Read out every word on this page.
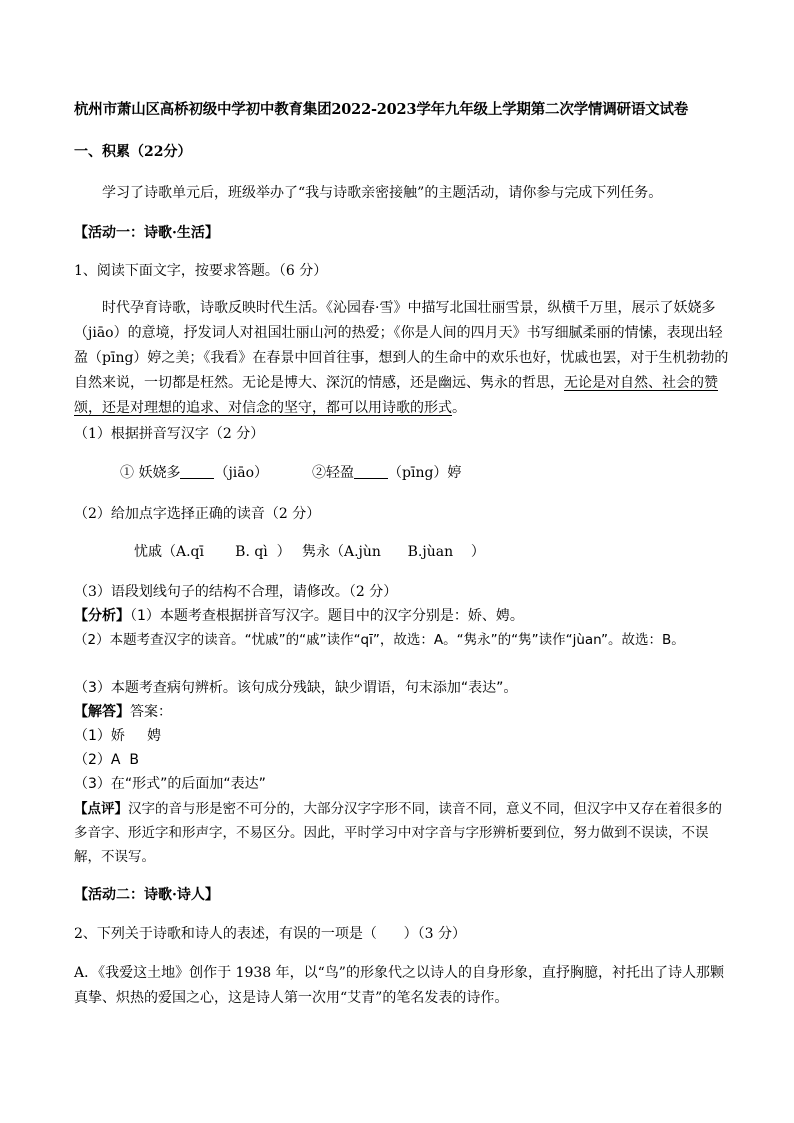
杭州市萧山区高桥初级中学初中教育集团2022-2023学年九年级上学期第二次学情调研语文试卷
一、积累（22分）
学习了诗歌单元后，班级举办了“我与诗歌亲密接触”的主题活动，请你参与完成下列任务。
【活动一：诗歌·生活】
1、阅读下面文字，按要求答题。（6 分）
时代孕育诗歌，诗歌反映时代生活。《沁园春·雪》中描写北国壮丽雪景，纵横千万里，展示了妖娆多（jiāo）的意境，抒发词人对祖国壮丽山河的热爱；《你是人间的四月天》书写细腻柔丽的情愫，表现出轻盈（pīng）婷之美；《我看》在春景中回首往事，想到人的生命中的欢乐也好，忧戚也罢，对于生机勃勃的自然来说，一切都是枉然。无论是博大、深沉的情感，还是幽远、隽永的哲思，无论是对自然、社会的赞颂，还是对理想的追求、对信念的坚守，都可以用诗歌的形式。
（1）根据拼音写汉字（2 分）
① 妖娆多 （jiāo）	②轻盈 （pīng）婷
（2）给加点字选择正确的读音（2 分）
忧戚（A.qī       B. qì  ） 隽永（A.jùn      B.jùan    ）
（3）语段划线句子的结构不合理，请修改。（2 分）
【分析】（1）本题考查根据拼音写汉字。题目中的汉字分别是：娇、娉。
（2）本题考查汉字的读音。“忧戚”的“戚”读作“qī”，故选：A。“隽永”的“隽”读作“jùan”。故选：B。
（3）本题考查病句辨析。该句成分残缺，缺少谓语，句末添加“表达”。
【解答】答案：
（1）娇     娉
（2）A  B
（3）在“形式”的后面加“表达”
【点评】汉字的音与形是密不可分的，大部分汉字字形不同，读音不同，意义不同，但汉字中又存在着很多的多音字、形近字和形声字，不易区分。因此，平时学习中对字音与字形辨析要到位，努力做到不误读，不误解，不误写。
【活动二：诗歌·诗人】
2、下列关于诗歌和诗人的表述，有误的一项是（      ）（3 分）
A．《我爱这土地》创作于 1938 年，以“鸟”的形象代之以诗人的自身形象，直抒胸臆，衬托出了诗人那颗真挚、炽热的爱国之心，这是诗人第一次用“艾青”的笔名发表的诗作。
